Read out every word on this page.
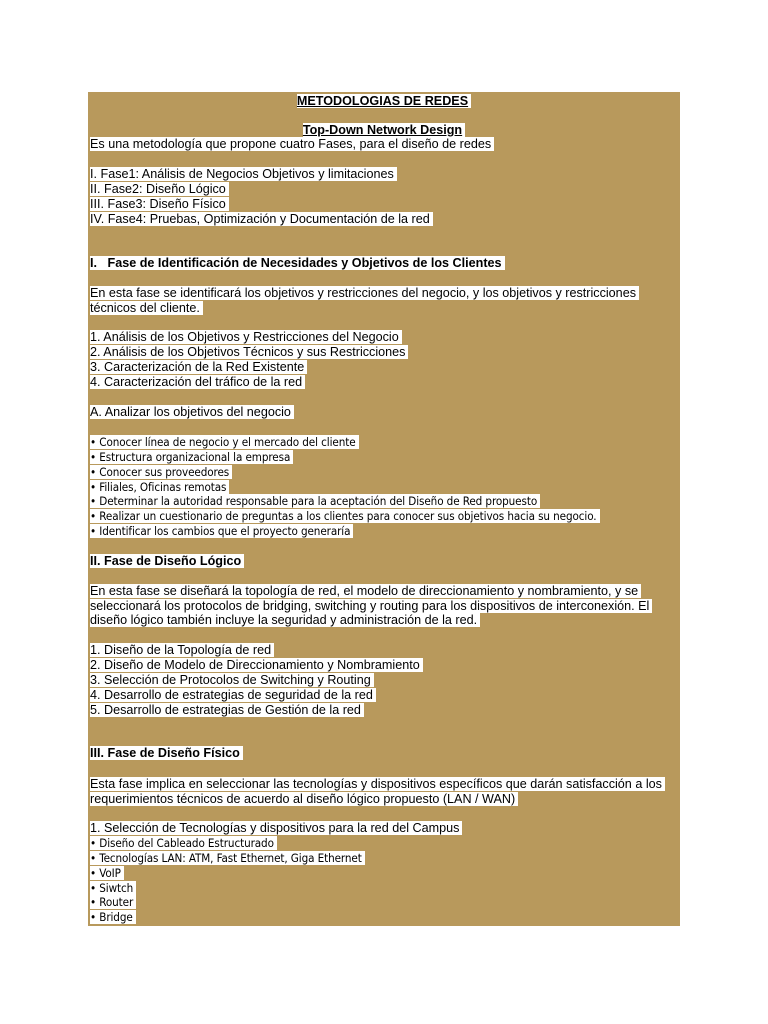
METODOLOGIAS DE REDES
Top-Down Network Design
Es una metodología que propone cuatro Fases, para el diseño de redes
I. Fase1: Análisis de Negocios Objetivos y limitaciones
II. Fase2: Diseño Lógico
III. Fase3: Diseño Físico
IV. Fase4: Pruebas, Optimización y Documentación de la red
I. Fase de Identificación de Necesidades y Objetivos de los Clientes
En esta fase se identificará los objetivos y restricciones del negocio, y los objetivos y restricciones
técnicos del cliente.
1. Análisis de los Objetivos y Restricciones del Negocio
2. Análisis de los Objetivos Técnicos y sus Restricciones
3. Caracterización de la Red Existente
4. Caracterización del tráfico de la red
A. Analizar los objetivos del negocio
• Conocer línea de negocio y el mercado del cliente
• Estructura organizacional la empresa
• Conocer sus proveedores
• Filiales, Oficinas remotas
• Determinar la autoridad responsable para la aceptación del Diseño de Red propuesto
• Realizar un cuestionario de preguntas a los clientes para conocer sus objetivos hacia su negocio.
• Identificar los cambios que el proyecto generaría
II. Fase de Diseño Lógico
En esta fase se diseñará la topología de red, el modelo de direccionamiento y nombramiento, y se
seleccionará los protocolos de bridging, switching y routing para los dispositivos de interconexión. El
diseño lógico también incluye la seguridad y administración de la red.
1. Diseño de la Topología de red
2. Diseño de Modelo de Direccionamiento y Nombramiento
3. Selección de Protocolos de Switching y Routing
4. Desarrollo de estrategias de seguridad de la red
5. Desarrollo de estrategias de Gestión de la red
III. Fase de Diseño Físico
Esta fase implica en seleccionar las tecnologías y dispositivos específicos que darán satisfacción a los
requerimientos técnicos de acuerdo al diseño lógico propuesto (LAN / WAN)
1. Selección de Tecnologías y dispositivos para la red del Campus
• Diseño del Cableado Estructurado
• Tecnologías LAN: ATM, Fast Ethernet, Giga Ethernet
• VoIP
• Siwtch
• Router
• Bridge
